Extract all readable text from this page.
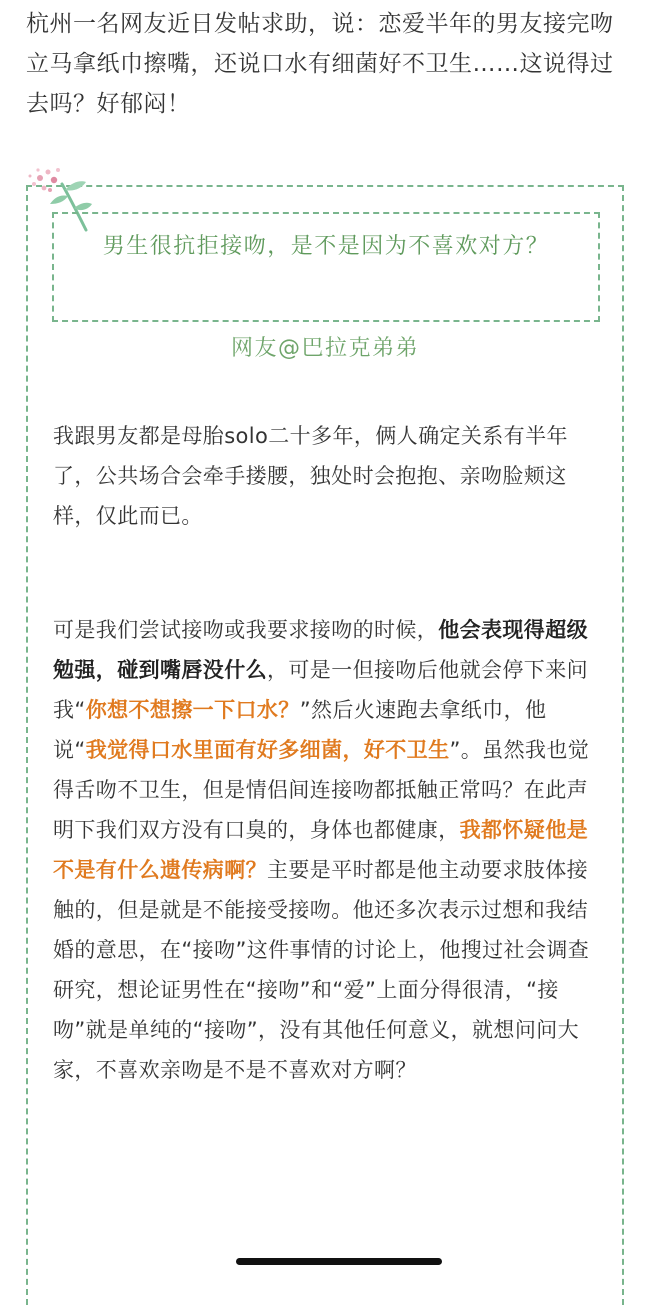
杭州一名网友近日发帖求助，说：恋爱半年的男友接完吻立马拿纸巾擦嘴，还说口水有细菌好不卫生……这说得过去吗？好郁闷！
男生很抗拒接吻，是不是因为不喜欢对方？
网友@巴拉克弟弟
我跟男友都是母胎solo二十多年，俩人确定关系有半年了，公共场合会牵手搂腰，独处时会抱抱、亲吻脸颊这样，仅此而已。
可是我们尝试接吻或我要求接吻的时候，他会表现得超级勉强，碰到嘴唇没什么，可是一但接吻后他就会停下来问我“你想不想擦一下口水？”然后火速跑去拿纸巾，他说“我觉得口水里面有好多细菌，好不卫生”。虽然我也觉得舌吻不卫生，但是情侣间连接吻都抵触正常吗？在此声明下我们双方没有口臭的，身体也都健康，我都怀疑他是不是有什么遗传病啊？主要是平时都是他主动要求肢体接触的，但是就是不能接受接吻。他还多次表示过想和我结婚的意思，在“接吻”这件事情的讨论上，他搜过社会调查研究，想论证男性在“接吻”和“爱”上面分得很清，“接吻”就是单纯的“接吻”，没有其他任何意义，就想问问大家，不喜欢亲吻是不是不喜欢对方啊？
